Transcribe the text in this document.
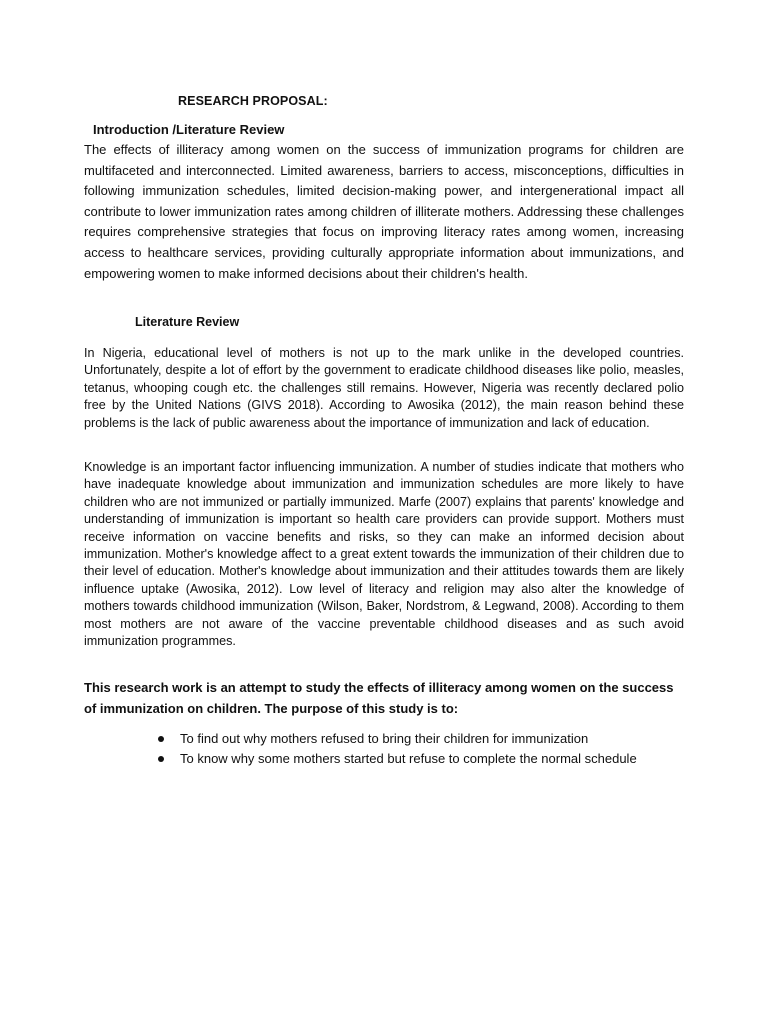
RESEARCH PROPOSAL:
Introduction /Literature Review

The effects of illiteracy among women on the success of immunization programs for children are multifaceted and interconnected. Limited awareness, barriers to access, misconceptions, difficulties in following immunization schedules, limited decision-making power, and intergenerational impact all contribute to lower immunization rates among children of illiterate mothers. Addressing these challenges requires comprehensive strategies that focus on improving literacy rates among women, increasing access to healthcare services, providing culturally appropriate information about immunizations, and empowering women to make informed decisions about their children's health.

Literature Review

In Nigeria, educational level of mothers is not up to the mark unlike in the developed countries. Unfortunately, despite a lot of effort by the government to eradicate childhood diseases like polio, measles, tetanus, whooping cough etc. the challenges still remains. However, Nigeria was recently declared polio free by the United Nations (GIVS 2018). According to Awosika (2012), the main reason behind these problems is the lack of public awareness about the importance of immunization and lack of education.

Knowledge is an important factor influencing immunization. A number of studies indicate that mothers who have inadequate knowledge about immunization and immunization schedules are more likely to have children who are not immunized or partially immunized. Marfe (2007) explains that parents' knowledge and understanding of immunization is important so health care providers can provide support. Mothers must receive information on vaccine benefits and risks, so they can make an informed decision about immunization. Mother's knowledge affect to a great extent towards the immunization of their children due to their level of education. Mother's knowledge about immunization and their attitudes towards them are likely influence uptake (Awosika, 2012). Low level of literacy and religion may also alter the knowledge of mothers towards childhood immunization (Wilson, Baker, Nordstrom, & Legwand, 2008). According to them most mothers are not aware of the vaccine preventable childhood diseases and as such avoid immunization programmes.

This research work is an attempt to study the effects of illiteracy among women on the success of immunization on children. The purpose of this study is to:

To find out why mothers refused to bring their children for immunization
To know why some mothers started but refuse to complete the normal schedule
